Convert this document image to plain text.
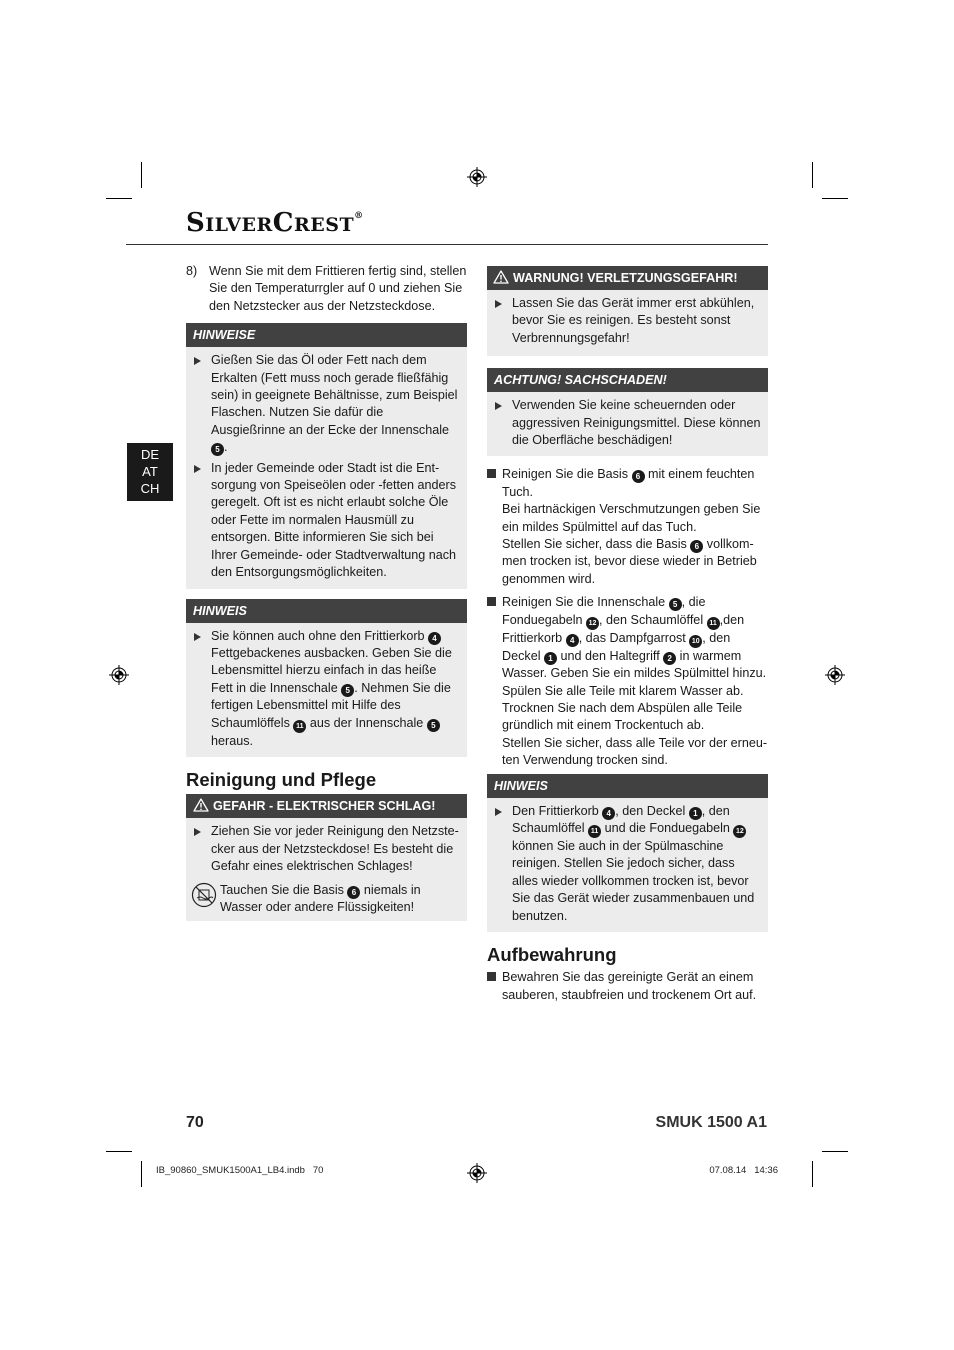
SILVERCREST®
DE
AT
CH
8) Wenn Sie mit dem Frittieren fertig sind, stellen Sie den Temperaturrgler auf 0 und ziehen Sie den Netzstecker aus der Netzsteckdose.
HINWEISE
Gießen Sie das Öl oder Fett nach dem Erkalten (Fett muss noch gerade fließfähig sein) in geeignete Behältnisse, zum Beispiel Flaschen. Nutzen Sie dafür die Ausgießrinne an der Ecke der Innenschale 5 .
In jeder Gemeinde oder Stadt ist die Entsorgung von Speiseölen oder -fetten anders geregelt. Oft ist es nicht erlaubt solche Öle oder Fette im normalen Hausmüll zu entsorgen. Bitte informieren Sie sich bei Ihrer Gemeinde- oder Stadtverwaltung nach den Entsorgungsmöglichkeiten.
HINWEIS
Sie können auch ohne den Frittierkorb 4 Fettgebackenes ausbacken. Geben Sie die Lebensmittel hierzu einfach in das heiße Fett in die Innenschale 5 . Nehmen Sie die fertigen Lebensmittel mit Hilfe des Schaumlöffels 11 aus der Innenschale 5 heraus.
Reinigung und Pflege
GEFAHR - ELEKTRISCHER SCHLAG!
Ziehen Sie vor jeder Reinigung den Netzstecker aus der Netzsteckdose! Es besteht die Gefahr eines elektrischen Schlages!
Tauchen Sie die Basis 6 niemals in Wasser oder andere Flüssigkeiten!
WARNUNG! VERLETZUNGSGEFAHR!
Lassen Sie das Gerät immer erst abkühlen, bevor Sie es reinigen. Es besteht sonst Verbrennungsgefahr!
ACHTUNG! SACHSCHADEN!
Verwenden Sie keine scheuernden oder aggressiven Reinigungsmittel. Diese können die Oberfläche beschädigen!
Reinigen Sie die Basis 6 mit einem feuchten Tuch.
Bei hartnäckigen Verschmutzungen geben Sie ein mildes Spülmittel auf das Tuch.
Stellen Sie sicher, dass die Basis 6 vollkommen trocken ist, bevor diese wieder in Betrieb genommen wird.
Reinigen Sie die Innenschale 5 , die Fonduegabeln 12 , den Schaumlöffel 11 ,den Frittierkorb 4 , das Dampfgarrost 10 , den Deckel 1 und den Haltegriff 2 in warmem Wasser. Geben Sie ein mildes Spülmittel hinzu.
Spülen Sie alle Teile mit klarem Wasser ab. Trocknen Sie nach dem Abspülen alle Teile gründlich mit einem Trockentuch ab.
Stellen Sie sicher, dass alle Teile vor der erneuten Verwendung trocken sind.
HINWEIS
Den Frittierkorb 4 , den Deckel 1 , den Schaumlöffel 11 und die Fonduegabeln 12 können Sie auch in der Spülmaschine reinigen. Stellen Sie jedoch sicher, dass alles wieder vollkommen trocken ist, bevor Sie das Gerät wieder zusammenbauen und benutzen.
Aufbewahrung
Bewahren Sie das gereinigte Gerät an einem sauberen, staubfreien und trockenem Ort auf.
70	SMUK 1500 A1
IB_90860_SMUK1500A1_LB4.indb   70	07.08.14   14:36
